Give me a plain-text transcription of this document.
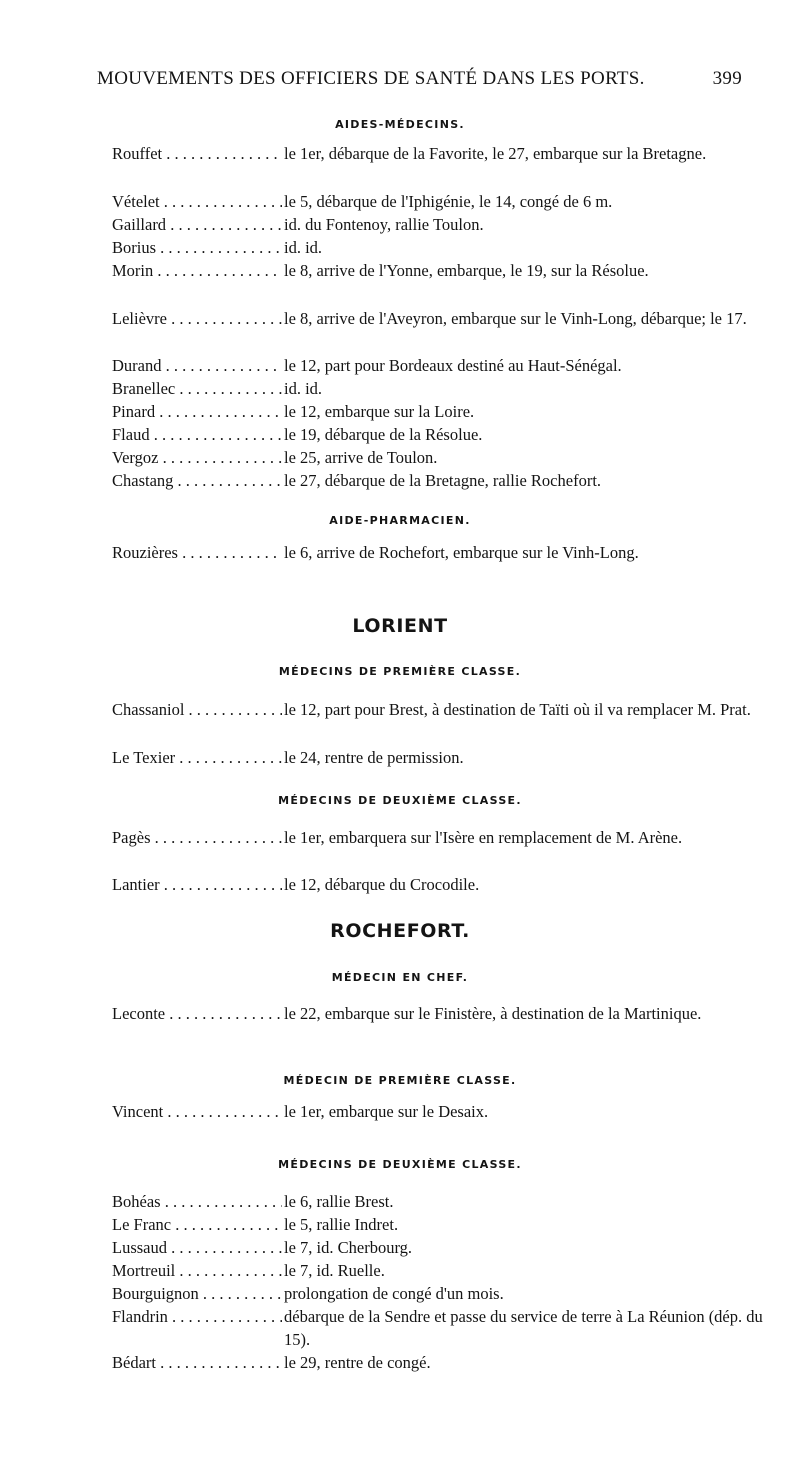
MOUVEMENTS DES OFFICIERS DE SANTÉ DANS LES PORTS.	399
AIDES-MÉDECINS.
Rouffet . . .	le 1er, débarque de la Favorite, le 27, embarque sur la Bretagne.
Vételet . . .	le 5, débarque de l'Iphigénie, le 14, congé de 6 m.
Gaillard . . .	id. du Fontenoy, rallie Toulon.
Borius . . .	id. id.
Morin . . .	le 8, arrive de l'Yonne, embarque, le 19, sur la Résolue.
Lelièvre . . .	le 8, arrive de l'Aveyron, embarque sur le Vinh-Long, débarque; le 17.
Durand . . .	le 12, part pour Bordeaux destiné au Haut-Sénégal.
Branellec . . .	id. id.
Pinard . . .	le 12, embarque sur la Loire.
Flaud . . .	le 19, débarque de la Résolue.
Vergoz . . .	le 25, arrive de Toulon.
Chastang . . .	le 27, débarque de la Bretagne, rallie Rochefort.
AIDE-PHARMACIEN.
Rouzières . . .	le 6, arrive de Rochefort, embarque sur le Vinh-Long.
LORIENT
MÉDECINS DE PREMIÈRE CLASSE.
Chassaniol . . .	le 12, part pour Brest, à destination de Taïti où il va remplacer M. Prat.
Le Texier . . .	le 24, rentre de permission.
MÉDECINS DE DEUXIÈME CLASSE.
Pagès . . .	le 1er, embarquera sur l'Isère en remplacement de M. Arène.
Lantier . . .	le 12, débarque du Crocodile.
ROCHEFORT.
MÉDECIN EN CHEF.
Leconte . . .	le 22, embarque sur le Finistère, à destination de la Martinique.
MÉDECIN DE PREMIÈRE CLASSE.
Vincent . . .	le 1er, embarque sur le Desaix.
MÉDECINS DE DEUXIÈME CLASSE.
Bohéas . . .	le 6, rallie Brest.
Le Franc . . .	le 5, rallie Indret.
Lussaud . . .	le 7, id. Cherbourg.
Mortreuil . . .	le 7, id. Ruelle.
Bourguignon . . .	prolongation de congé d'un mois.
Flandrin . . .	débarque de la Sendre et passe du service de terre à La Réunion (dép. du 15).
Bédart . . .	le 29, rentre de congé.
